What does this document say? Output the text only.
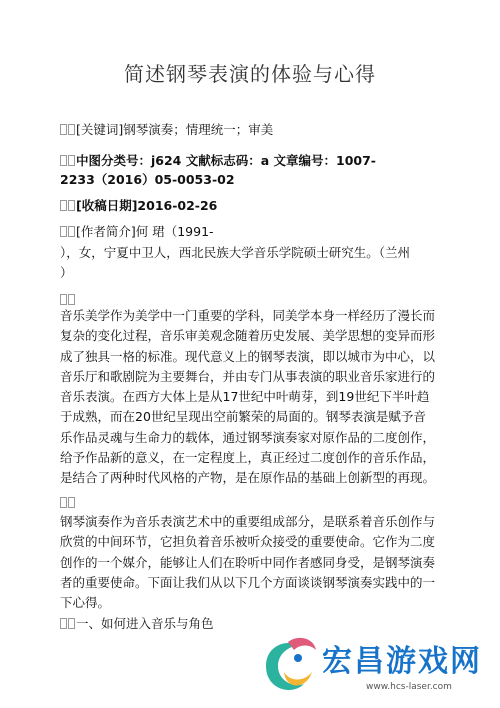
简述钢琴表演的体验与心得
[关键词]钢琴演奏；情理统一；审美
中图分类号：j624 文献标志码：a 文章编号：1007-
2233（2016）05-0053-02
[收稿日期]2016-02-26
[作者简介]何 珺（1991-
），女，宁夏中卫人，西北民族大学音乐学院硕士研究生。（兰州
）

音乐美学作为美学中一门重要的学科，同美学本身一样经历了漫长而

复杂的变化过程，音乐审美观念随着历史发展、美学思想的变异而形

成了独具一格的标准。现代意义上的钢琴表演，即以城市为中心，以

音乐厅和歌剧院为主要舞台，并由专门从事表演的职业音乐家进行的

音乐表演。在西方大体上是从17世纪中叶萌芽，到19世纪下半叶趋

于成熟，而在20世纪呈现出空前繁荣的局面的。钢琴表演是赋予音

乐作品灵魂与生命力的载体，通过钢琴演奏家对原作品的二度创作，

给予作品新的意义，在一定程度上，真正经过二度创作的音乐作品，

是结合了两种时代风格的产物，是在原作品的基础上创新型的再现。

钢琴演奏作为音乐表演艺术中的重要组成部分，是联系着音乐创作与

欣赏的中间环节，它担负着音乐被听众接受的重要使命。它作为二度

创作的一个媒介，能够让人们在聆听中同作者感同身受，是钢琴演奏

者的重要使命。下面让我们从以下几个方面谈谈钢琴演奏实践中的一

下心得。

一、如何进入音乐与角色
宏昌游戏网
www.hcs-laser.com
